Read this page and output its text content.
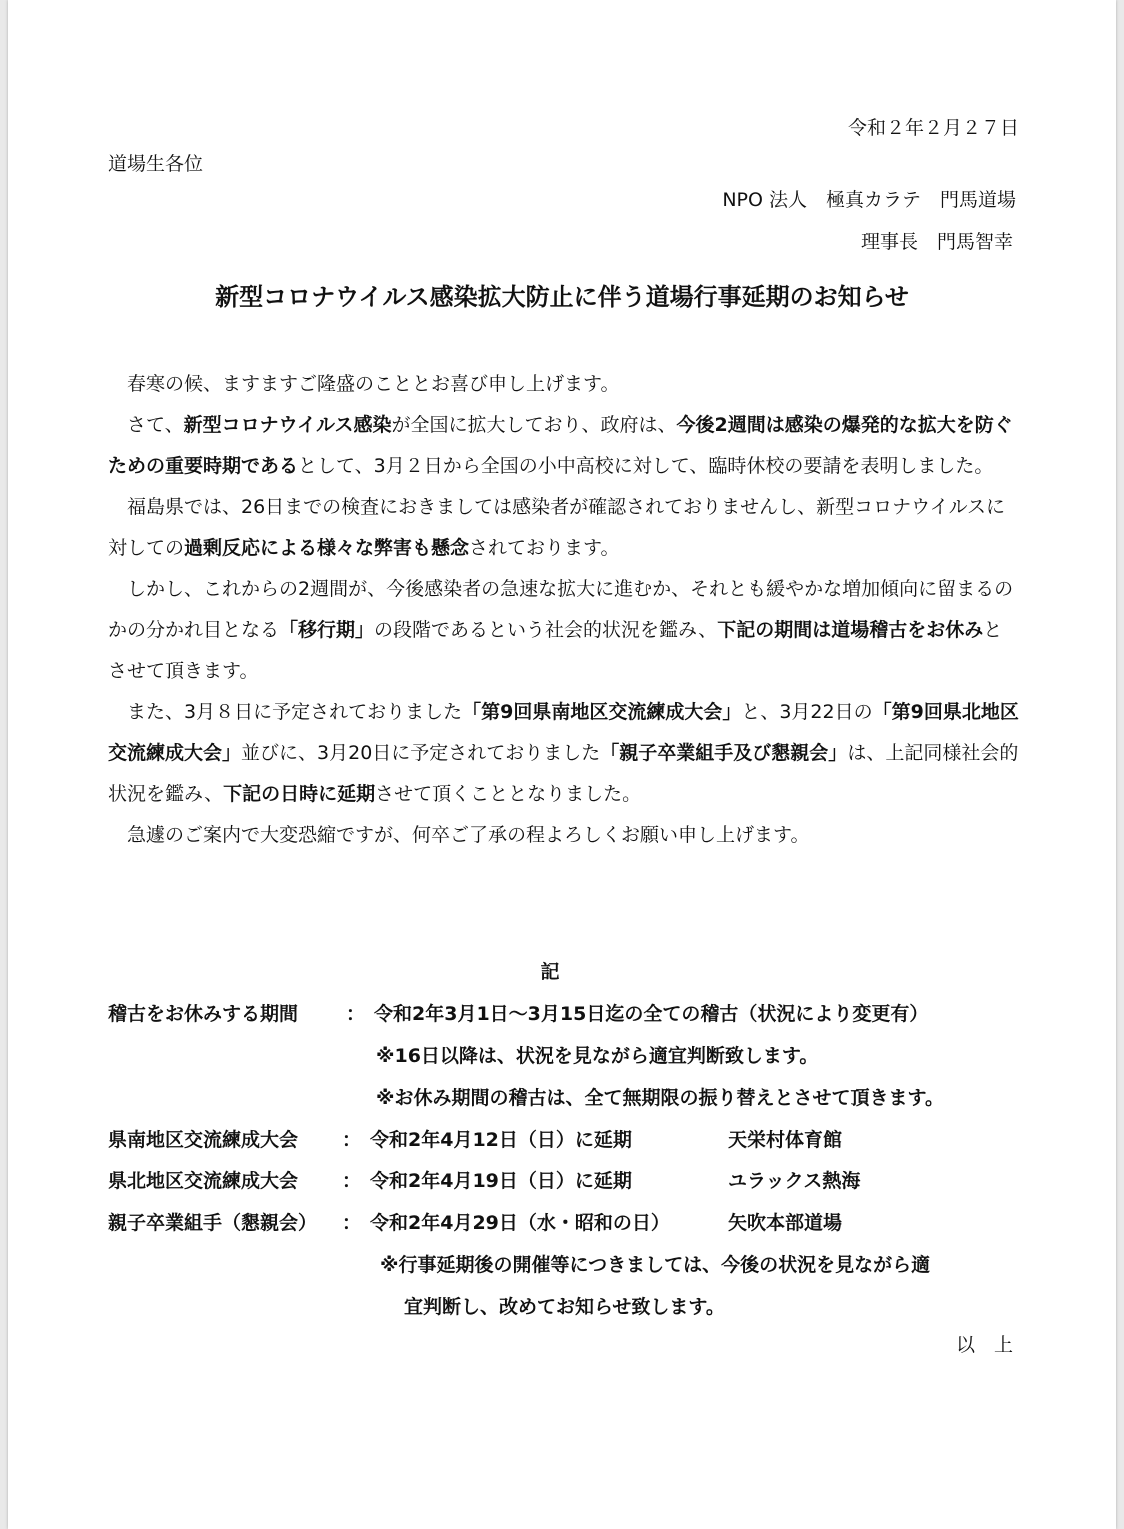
令和２年２月２７日
道場生各位
NPO 法人　極真カラテ　門馬道場
理事長　門馬智幸
新型コロナウイルス感染拡大防止に伴う道場行事延期のお知らせ

春寒の候、ますますご隆盛のこととお喜び申し上げます。

さて、新型コロナウイルス感染が全国に拡大しており、政府は、今後2週間は感染の爆発的な拡大を防ぐための重要時期であるとして、3月２日から全国の小中高校に対して、臨時休校の要請を表明しました。

福島県では、26日までの検査におきましては感染者が確認されておりませんし、新型コロナウイルスに対しての過剰反応による様々な弊害も懸念されております。

しかし、これからの2週間が、今後感染者の急速な拡大に進むか、それとも緩やかな増加傾向に留まるのかの分かれ目となる「移行期」の段階であるという社会的状況を鑑み、下記の期間は道場稽古をお休みとさせて頂きます。

また、3月８日に予定されておりました「第9回県南地区交流練成大会」と、3月22日の「第9回県北地区交流練成大会」並びに、3月20日に予定されておりました「親子卒業組手及び懇親会」は、上記同様社会的状況を鑑み、下記の日時に延期させて頂くこととなりました。

急遽のご案内で大変恐縮ですが、何卒ご了承の程よろしくお願い申し上げます。

記
稽古をお休みする期間	： 令和2年3月1日～3月15日迄の全ての稽古（状況により変更有）
※16日以降は、状況を見ながら適宜判断致します。
※お休み期間の稽古は、全て無期限の振り替えとさせて頂きます。
県南地区交流練成大会 ： 令和2年4月12日（日）に延期	天栄村体育館
県北地区交流練成大会 ： 令和2年4月19日（日）に延期	ユラックス熱海
親子卒業組手（懇親会） ： 令和2年4月29日（水・昭和の日）	矢吹本部道場
※行事延期後の開催等につきましては、今後の状況を見ながら適
宜判断し、改めてお知らせ致します。
以　上
